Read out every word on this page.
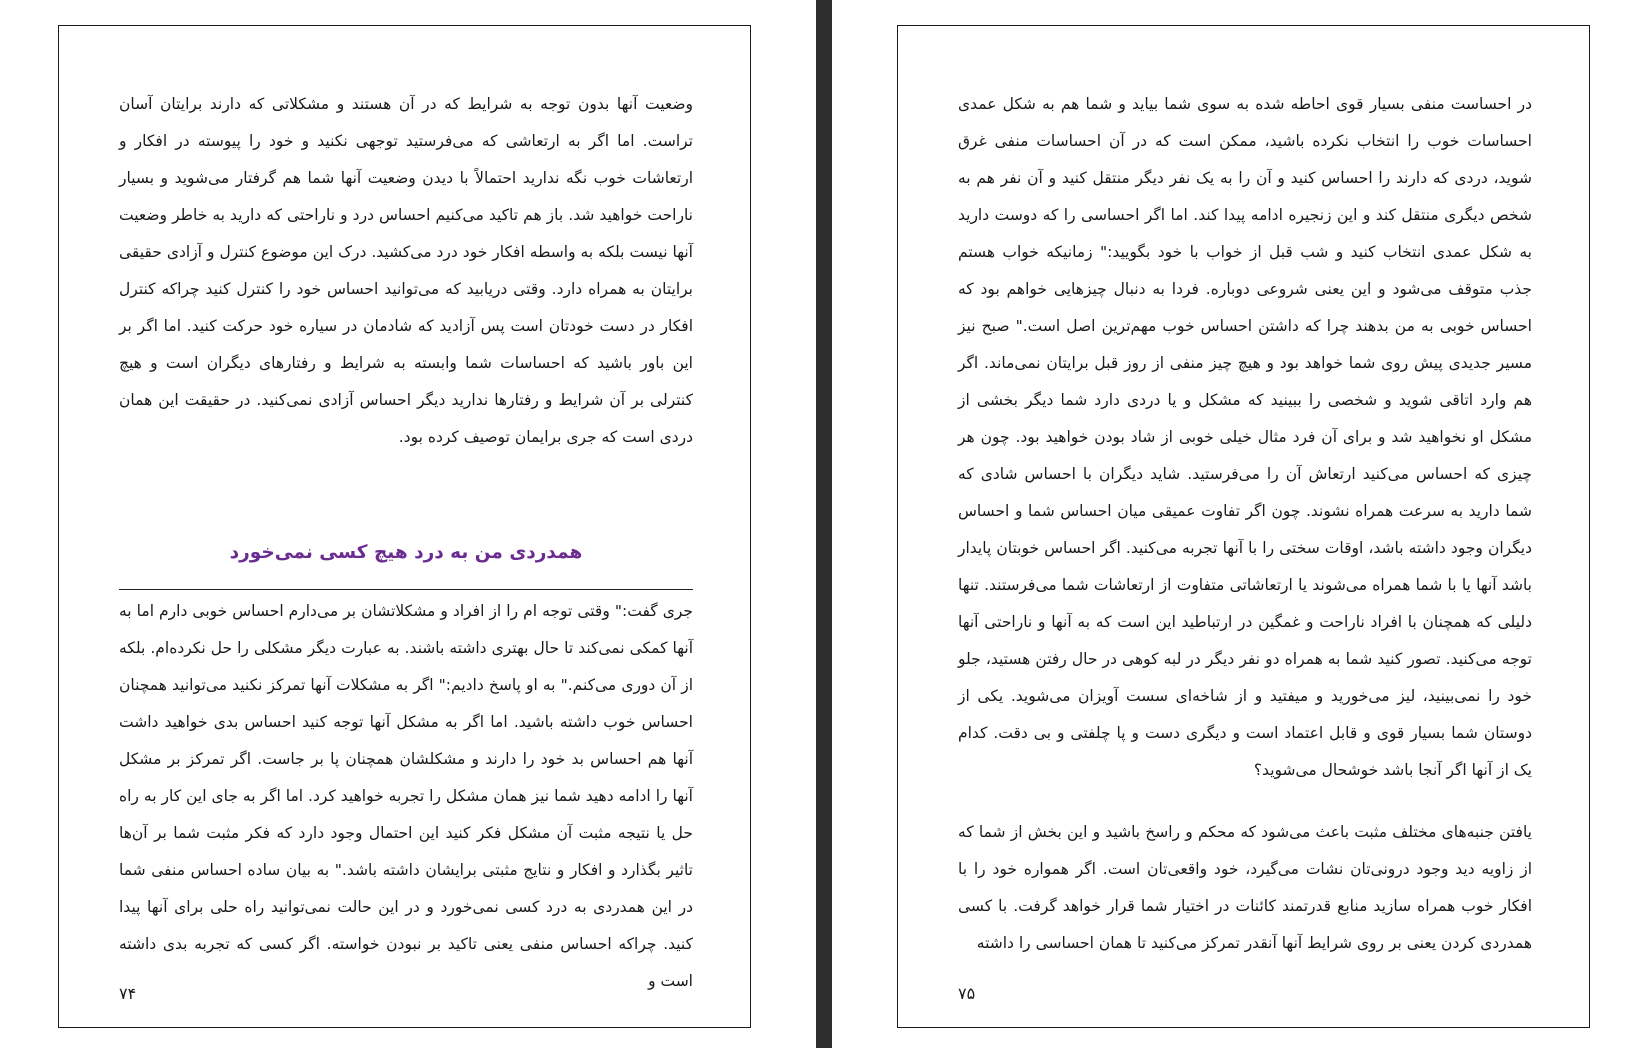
وضعیت آنها بدون توجه به شرایط که در آن هستند و مشکلاتی که دارند برایتان آسان تراست. اما اگر به ارتعاشی که می‌فرستید توجهی نکنید و خود را پیوسته در افکار و ارتعاشات خوب نگه ندارید احتمالاً با دیدن وضعیت آنها شما هم گرفتار می‌شوید و بسیار ناراحت خواهید شد. باز هم تاکید می‌کنیم احساس درد و ناراحتی که دارید به خاطر وضعیت آنها نیست بلکه به واسطه افکار خود درد می‌کشید. درک این موضوع کنترل و آزادی حقیقی برایتان به همراه دارد. وقتی دریابید که می‌توانید احساس خود را کنترل کنید چراکه کنترل افکار در دست خودتان است پس آزادید که شادمان در سیاره خود حرکت کنید. اما اگر بر این باور باشید که احساسات شما وابسته به شرایط و رفتارهای دیگران است و هیچ کنترلی بر آن شرایط و رفتارها ندارید دیگر احساس آزادی نمی‌کنید. در حقیقت این همان دردی است که جری برایمان توصیف کرده بود.
همدردی من به درد هیچ کسی نمی‌خورد
جری گفت:" وقتی توجه ام را از افراد و مشکلاتشان بر می‌دارم احساس خوبی دارم اما به آنها کمکی نمی‌کند تا حال بهتری داشته باشند. به عبارت دیگر مشکلی را حل نکرده‌ام. بلکه از آن دوری می‌کنم." به او پاسخ دادیم:" اگر به مشکلات آنها تمرکز نکنید می‌توانید همچنان احساس خوب داشته باشید. اما اگر به مشکل آنها توجه کنید احساس بدی خواهید داشت آنها هم احساس بد خود را دارند و مشکلشان همچنان پا بر جاست. اگر تمرکز بر مشکل آنها را ادامه دهید شما نیز همان مشکل را تجربه خواهید کرد. اما اگر به جای این کار به راه حل یا نتیجه مثبت آن مشکل فکر کنید این احتمال وجود دارد که فکر مثبت شما بر آن‌ها تاثیر بگذارد و افکار و نتایج مثبتی برایشان داشته باشد." به بیان ساده احساس منفی شما در این همدردی به درد کسی نمی‌خورد و در این حالت نمی‌توانید راه حلی برای آنها پیدا کنید. چراکه احساس منفی یعنی تاکید بر نبودن خواسته. اگر کسی که تجربه بدی داشته است و
۷۴
در احساست منفی بسیار قوی احاطه شده به سوی شما بیاید و شما هم به شکل عمدی احساسات خوب را انتخاب نکرده باشید، ممکن است که در آن احساسات منفی غرق شوید، دردی که دارند را احساس کنید و آن را به یک نفر دیگر منتقل کنید و آن نفر هم به شخص دیگری منتقل کند و این زنجیره ادامه پیدا کند. اما اگر احساسی را که دوست دارید به شکل عمدی انتخاب کنید و شب قبل از خواب با خود بگویید:" زمانیکه خواب هستم جذب متوقف می‌شود و این یعنی شروعی دوباره. فردا به دنبال چیزهایی خواهم بود که احساس خوبی به من بدهند چرا که داشتن احساس خوب مهم‌ترین اصل است." صبح نیز مسیر جدیدی پیش روی شما خواهد بود و هیچ چیز منفی از روز قبل برایتان نمی‌ماند. اگر هم وارد اتاقی شوید و شخصی را ببینید که مشکل و یا دردی دارد شما دیگر بخشی از مشکل او نخواهید شد و برای آن فرد مثال خیلی خوبی از شاد بودن خواهید بود. چون هر چیزی که احساس می‌کنید ارتعاش آن را می‌فرستید. شاید دیگران با احساس شادی که شما دارید به سرعت همراه نشوند. چون اگر تفاوت عمیقی میان احساس شما و احساس دیگران وجود داشته باشد، اوقات سختی را با آنها تجربه می‌کنید. اگر احساس خوبتان پایدار باشد آنها یا با شما همراه می‌شوند یا ارتعاشاتی متفاوت از ارتعاشات شما می‌فرستند. تنها دلیلی که همچنان با افراد ناراحت و غمگین در ارتباطید این است که به آنها و ناراحتی آنها توجه می‌کنید. تصور کنید شما به همراه دو نفر دیگر در لبه کوهی در حال رفتن هستید، جلو خود را نمی‌بینید، لیز می‌خورید و میفتید و از شاخه‌ای سست آویزان می‌شوید. یکی از دوستان شما بسیار قوی و قابل اعتماد است و دیگری دست و پا چلفتی و بی دقت. کدام یک از آنها اگر آنجا باشد خوشحال می‌شوید؟
یافتن جنبه‌های مختلف مثبت باعث می‌شود که محکم و راسخ باشید و این بخش از شما که از زاویه دید وجود درونی‌تان نشات می‌گیرد، خود واقعی‌تان است. اگر همواره خود را با افکار خوب همراه سازید منابع قدرتمند کائنات در اختیار شما قرار خواهد گرفت. با کسی همدردی کردن یعنی بر روی شرایط آنها آنقدر تمرکز می‌کنید تا همان احساسی را داشته
۷۵
